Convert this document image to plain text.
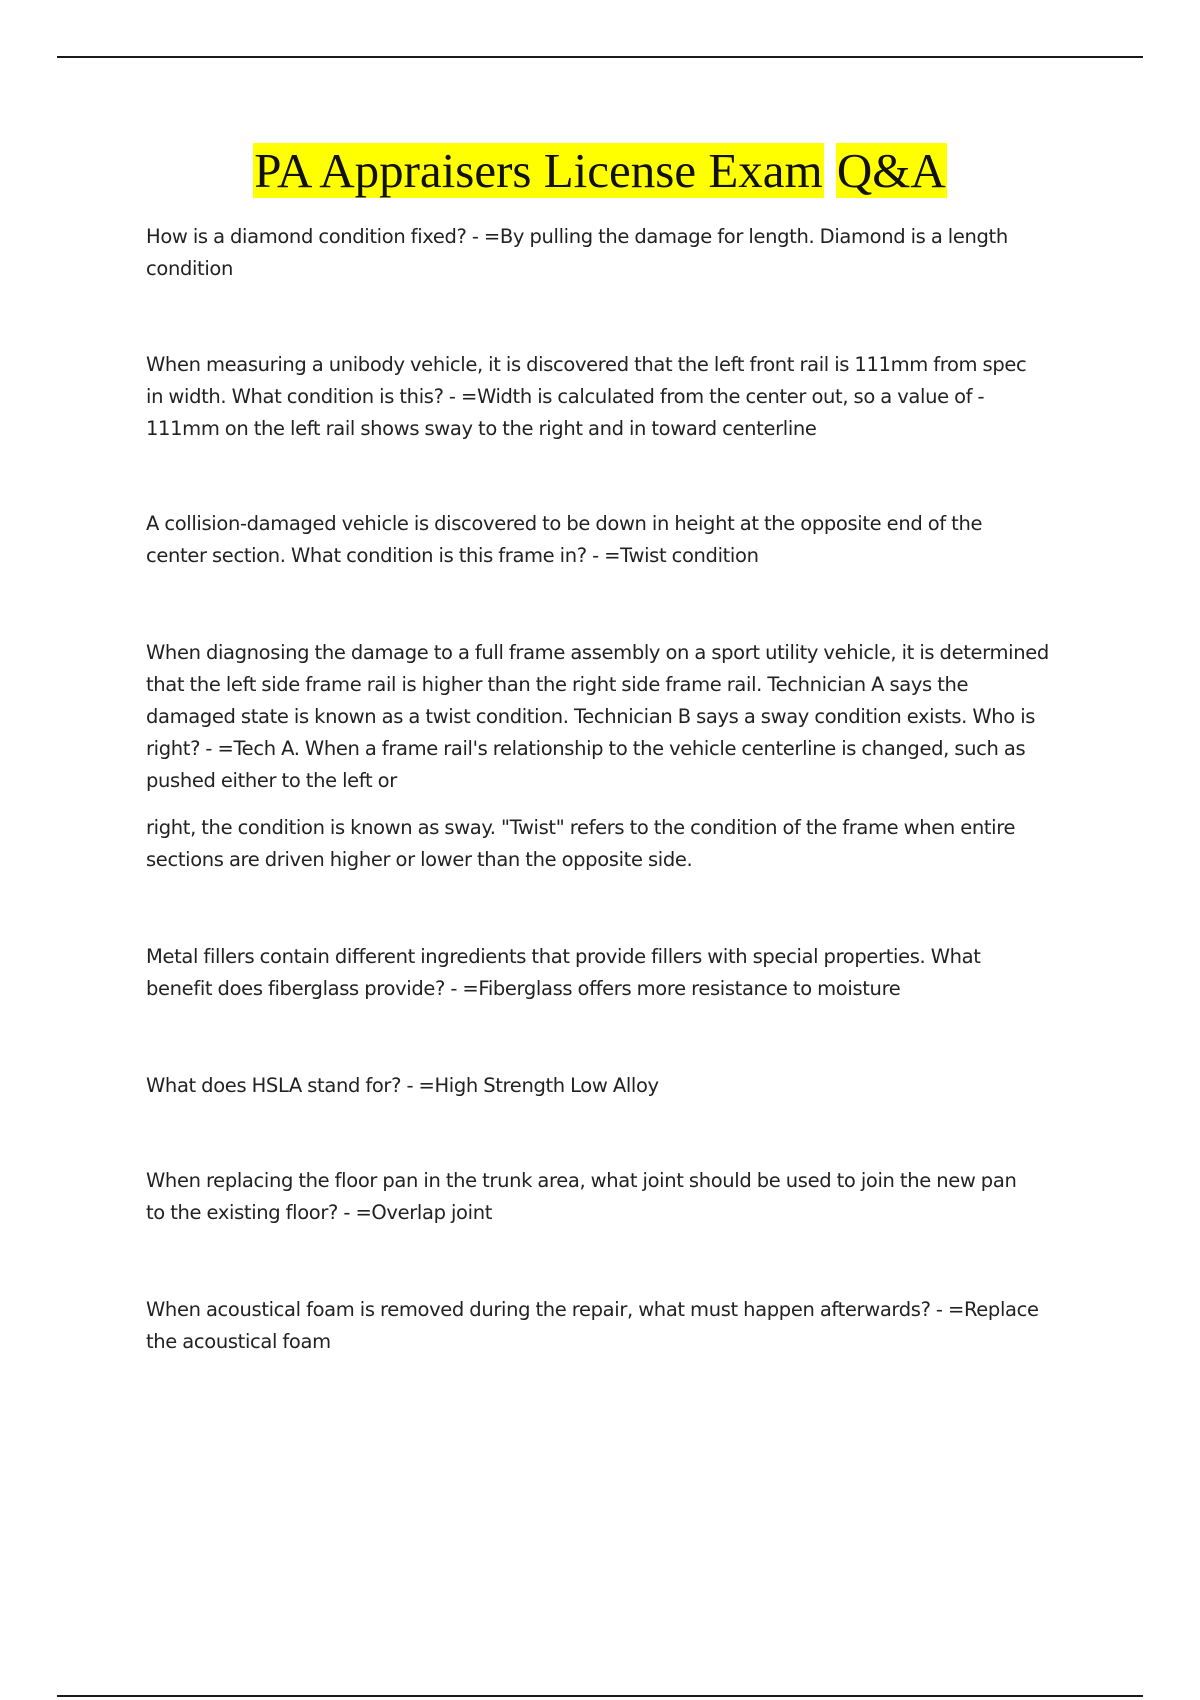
PA Appraisers License Exam Q&A

How is a diamond condition fixed? - =By pulling the damage for length. Diamond is a length
condition

When measuring a unibody vehicle, it is discovered that the left front rail is 111mm from spec
in width. What condition is this? - =Width is calculated from the center out, so a value of -
111mm on the left rail shows sway to the right and in toward centerline

A collision-damaged vehicle is discovered to be down in height at the opposite end of the
center section. What condition is this frame in? - =Twist condition

When diagnosing the damage to a full frame assembly on a sport utility vehicle, it is determined
that the left side frame rail is higher than the right side frame rail. Technician A says the
damaged state is known as a twist condition. Technician B says a sway condition exists. Who is
right? - =Tech A. When a frame rail's relationship to the vehicle centerline is changed, such as
pushed either to the left or

right, the condition is known as sway. "Twist" refers to the condition of the frame when entire
sections are driven higher or lower than the opposite side.

Metal fillers contain different ingredients that provide fillers with special properties. What
benefit does fiberglass provide? - =Fiberglass offers more resistance to moisture

What does HSLA stand for? - =High Strength Low Alloy

When replacing the floor pan in the trunk area, what joint should be used to join the new pan
to the existing floor? - =Overlap joint

When acoustical foam is removed during the repair, what must happen afterwards? - =Replace
the acoustical foam
